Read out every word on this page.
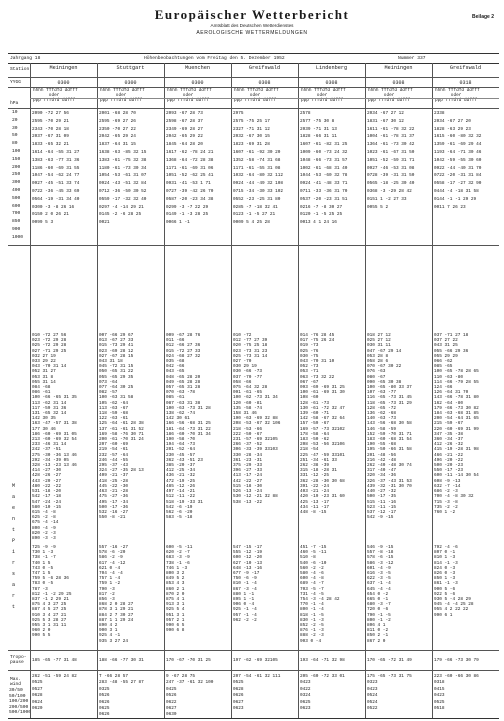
Beilage 2
Europäischer Wetterbericht
Amtsblatt des Deutschen Wetterdienstes
AEROLOGISCHE WETTERMELDUNGEN
Jahrgang 18	Höhenbeobachtungen vom Freitag den 5. Dezember 1952	Nummer 337
Station
YYGG
hPa
10
20
30
50
80
100
150
200
250
300
400
500
600
700
850
900
1000
M
a
e
n
t
P
i
r
s
a
r
t
Tropo-
pause
Max.
wind
30/50
50/100
100/200
200/500
500/1000
Meiningen
0300
hhhh TTTdTd ddfff
oder
ppp TTTdTd ddfff
2090 -72 27 56
2595 -70 29 21
2343 -70 28 18
2037 -67 31 09
1833 -65 32 21
1614 -64 -55 31 27
1383 -63 -77 31 36
1186 -60 -69 31 55
1047 -54 -62 24 77
0927 -45 -51 33 74
0722 -36 -45 33 69
0564 -19 -31 34 40
0300 -3 -8 26 16
0150 2 0 26 21
0099 5 3
010 -72 27 56
023 -72 29 28
025 -72 29 28
027 -71 29 25
032 27 19
033 29 22
043 -70 31 14
052 31 27
053 31 8
055 31 14
084 -68
086 -61
100 -66 -65 31 35
113 -62 31 14
117 -59 31 36
131 -65 32 14
142 30 35
163 -47 -57 31 38
177 30 46
186 -60 -69 31 05
213 -60 -69 32 54
233 -46 31 14
242 -37 -51
275 -30 -36 13 46
292 -34 -39 05
328 -13 -23 13 46
414 -27 -30
428 -26 -27
443 -20 -27
480 -22 -22
531 -18 -20
542 -17 -18
547 -24 -24
580 -10 -15
615 -4 -8
625 -2 -8
675 -4 -14
800 -4 -9
820 -2 -3
890 -3 -3
725 -9 -9
730 1 -3
738 -1 -7
740 1 5
743 0 -5
747 1 5
759 5 -6 28 36
783 0 -5
787 -3
812 -1 -2 29 25
837 -1 2 29 21
875 4 3 27 25
887 4 5 27 25
910 3 4 27 21
925 5 3 28 27
955 3 1 31 11
960 2 0
990 5 5
185 -65 -77 31 48
262 -51 -59 24 82
0525
0527
0628
0624
0620
Stuttgart
0300
hhhh TTTdTd ddfff
oder
ppp TTTdTd ddfff
2001 -68 28 70
2595 -69 27 26
2350 -70 27 22
2042 -65 29 24
1837 -64 31 15
1638 -63 -85 32 15
1383 -61 -75 32 38
1180 -61 -73 30 34
1054 -53 -61 31 07
0924 -43 -51 32 84
0712 -36 -50 30 52
0559 -17 -32 32 40
0297 -4 -14 29 21
0145 -2 -6 28 25
0021
007 -66 29 67
013 -67 27 33
015 -73 29 41
023 -69 28 12
027 -67 28 15
043 31 18
045 -72 31 15
050 -65 31 22
055 -65 29 35
073 -64
077 -64 30 25
082 -57
100 -63 31 58
105 -62 -64
113 -63 -67
118 -59 -68
122 -63 -61
125 -64 -61 28 38
137 -61 -61 31 52
169 -58 -76 30 71
200 -61 -70 31 24
207 -60 -69
219 -54 -61
232 -57 -64
246 -44 -55
295 -37 -43
324 -27 -35 28 13
409 -21 -37
418 -25 -28
445 -22 -30
463 -21 -28
475 -27 -36
495 -17 -34
500 -17 -36
532 -16 -27
550 -8 -21
557 -16 -27
578 -6 -20
586 -2 -9
617 -4 -12
621 0 -4
704 -4 -4
757 1 -4
759 1 -2
790 -3
817 -2
856 -3
868 2 0 28 27
878 3 1 29 21
884 2 7 30 27
887 1 1 29 24
890 4 2
900 3 1
925 4 -1
935 3 27 24
188 -66 -77 30 31
T -66 28 57
283 -48 -55 27 87
0325
0526
0626
0625
0626
Muenchen
0300
hhhh TTTdTd ddfff
oder
ppp TTTdTd ddfff
2093 -67 28 73
2598 -67 28 37
2349 -69 28 27
2042 -65 29 22
1845 -64 28 20
1617 -62 -78 24 21
1368 -64 -72 28 38
1171 -61 -69 31 06
1051 -52 -62 25 41
0931 -41 -53 1 71
0727 -39 -42 26 70
0587 -20 -23 34 38
0299 -3 -7 22 29
0149 -1 -3 28 25
0066 1 -1
009 -67 28 76
011 -66
012 -66 27 36
015 -72 27 33
024 -68 27 32
035 -68
042 -66
043 -65
048 -65 28 20
049 -65 28 28
057 -65 31 28
070 -63 -78
085 -61
087 -63 31 38
100 -63 -73 31 28
138 -62 -74
142 30 61
166 -56 -68 31 25
181 -64 -73 31 22
186 -60 -70 31 34
190 -58 -70
194 -64 -73
201 -52 -64
230 -45 -57
362 -43 -51 23
385 -20 -37
412 -25 -34
436 -21 -32
472 -19 -25
485 -12 -26
497 -14 -21
512 -11 -22
518 -19 -33 31
542 -6 -19
562 -6 -20
583 -5 -18
600 -5 -11
620 -2 -7
683 -3 -9
738 -1 -6
746 1 -3
800 3 2
849 5 2
853 4 3
860 2 1
870 2 0
875 4 1
913 3 1
925 5 4
951 3 1
957 2 1
990 6 5
990 6 8
170 -67 -70 31 25
9 -67 28 75
247 -37 -61 32 100
0425
0526
0622
0627
0630
Greifswald
0308
hhhh TTTdTd ddfff
oder
ppp TTTdTd ddfff
2975
2575 -75 25 17
2327 -71 31 12
2032 -67 30 15
1823 -69 31 28
1607 -61 -92 30 20
1352 -58 -74 31 68
1171 -61 -55 31 08
1032 -64 -80 32 112
0924 -44 -49 32 108
0715 -34 -30 33 102
0552 -23 -25 31 80
0285 -7 -18 32 41
0123 -1 -5 27 21
0009 5 4 25 28
010 -72
012 -77 27 39
020 -75 25 18
023 -73 31 23
025 -73 31 14
027 -70
030 29 19
030 -66 -73
037 -70 -77
058 -66
075 -64 32 28
091 -61 -65
100 -62 -73 31 34
120 -60 -81
135 -58 -74
158 31 46
190 -63 -69 32 88
208 -53 -67 32 106
218 -53 -66
222 -50 -67
231 -57 -69 32105
266 -37 -52
306 -33 -39 33103
330 -28 -34
361 -23 -31
375 -29 -33
396 -27 -33
413 -17 -24
442 -22 -27
515 -18 -30
526 -13 -24
530 -12 -21 32 88
538 -13 -22
547 -15 -17
555 -12 -19
600 -12 -20
627 -10 -13
648 -13 -16
677 -9 -17
750 -6 -9
810 -1 -4
867 -3 -4
880 1 -1
895 1 -1
906 0 -4
925 -1 -4
957 -1 -4
962 -2 -2
197 -62 -69 32105
207 -54 -61 32 111
0525
0628
0626
0627
0623
Lindenberg
0308
hhhh TTTdTd ddfff
oder
ppp TTTdTd ddfff
2578
2577 -75 30 8
2039 -71 31 13
1828 -66 31 11
1607 -61 -82 31 25
1009 -60 -73 24 32
1048 -66 -73 31 57
1002 -61 -68 31 40
1044 -53 -60 32 78
0924 -41 -48 33 71
0711 -33 -36 31 70
0537 -20 -23 31 51
0216 -7 -8 30 27
0120 -1 -5 25 25
0013 4 1 24 16
014 -76 28 45
017 -75 26 24
019 -73
025 -76
030 -75
043 -70 31 10
052 -73
053 -71
063 -73 32 22
067 -67
093 -69 -69 31 25
100 -61 -69 31 30
108 -60
128 -61 -73
130 -61 -72 32 47
139 -60 -71
142 -58 -67 32 64
157 -59 -67
169 -57 -73 32102
178 -58 -64
183 -50 -62
208 -53 -56 32106
218 -54
225 -47 -59 33101
251 -34 -61 33
262 -38 -39
315 -18 -28 31
331 -12 -25
362 -28 -30 30 68
391 -22 -24
403 -21 -24
420 -19 -23 31 60
425 -13 -17
434 -11 -17
448 -8 -15
451 -7 -15
460 -5 -11
510 -8
540 -6 -10
560 -2 -2
580 -4 -6
600 -4 -8
689 -4 -7
703 -5 -7
731 -4 -5
754 -3 -4 28 42
770 -1 -4
800 -1 -4
818 -1 -5
830 -1 -3
852 -2 -5
876 -1 -3
888 -2 -3
903 0 -4
193 -64 -71 32 98
205 -60 -72 33 01
0423
0422
0324
0625
0623
Meiningen
0308
hhhh TTTdTd ddfff
oder
ppp TTTdTd ddfff
2034 -67 27 12
1831 -67 30 12
1611 -61 -78 32 22
1004 -61 -78 31 37
1364 -61 -73 30 42
1023 -61 -67 31 50
1051 -52 -59 31 71
0927 -46 -53 31 08
0728 -39 -31 31 50
0565 -18 -25 30 40
0368 -3 -29 28 42
0151 1 -2 27 33
0055 5 2
018 27 12
025 27 12
030 31 11
047 -67 29 14
053 28 8
058 28 6
070 -67 30 22
076 -63
080 -67
090 -65 30 38
100 -65 -80 33 37
107 -63 -77
116 -65 -73 31 45
118 -65 -73 31 29
128 -65 -72
136 -62 -68
140 -63 -73
143 -56 -68 30 58
146 -58 -59
152 -59 -70 31 71
183 -60 -68 31 54
190 -55 -68
195 -50 -66 31 58
201 -48 -56
216 -42 -48
262 -40 -48 30 74
317 -40 -47
320 -34 -36
326 -37 -43 31 53
439 -32 -31 30 70
440 -27 -32
500 -17 -35
515 -11 -16
523 -11 -15
537 -12 -17
542 -9 -15
546 -9 -15
557 -8 -18
578 -6 -15
586 -3 -12
601 -4 -9
616 -3 -5
622 -3 -5
637 -1 -4
645 -4 -4
654 0 -2
665 0 -1
680 -3 -7
720 0 -6
790 -1 -5
800 -1 -2
806 4 1
811 0 -2
850 2 -1
867 2 0
170 -65 -72 31 49
175 -65 -73 31 75
0323
0423
0524
0524
0522
Greifswald
0318
hhhh TTTdTd ddfff
oder
ppp TTTdTd ddfff
2338
2034 -67 27 20
1828 -63 29 23
1615 -60 -80 32 32
1359 -61 -69 29 44
1193 -64 -71 30 46
1042 -59 -55 30 60
0922 -44 -40 31 70
0722 -20 -31 31 84
0558 -17 -27 32 90
0444 -4 -18 31 58
0144 -1 -1 29 29
0011 7 26 23
037 -71 27 18
037 27 22
043 31 25
055 -66 29 36
055 29 29
066 -62
085 -65
100 -65 -78 28 65
110 -63 -80
114 -66 -79 28 55
124 -66
126 -64 31 70
143 -66 -78 31 80
162 -64 -80
179 -66 -73 30 82
184 -63 -68 31 85
200 -54 -64 31 65
215 -59 -67
220 -60 -69 31 99
347 -35 -38
360 -34 -37
412 -26 -32
415 -19 -28 31 98
466 -21 -22
496 -20 -22
500 -20 -23
550 -17 -23
600 -11 -14 30 54
608 -9 -13
632 -7 -14
686 -2 -3
700 -4 -8 30 32
715 -3 -8
735 -2 -2
760 1 -2
792 -4 -6
807 0 -1
810 1 -3
814 -1 -3
824 0 -3
826 0 -3
850 1 -3
861 -1 -3
900 5 -6
922 5 -6
930 5 -4 28 29
945 -4 -4 25 28
955 4 2 22 22
990 6 1
179 -66 -73 30 79
223 -60 -66 30 86
0318
0415
0423
0525
0518
